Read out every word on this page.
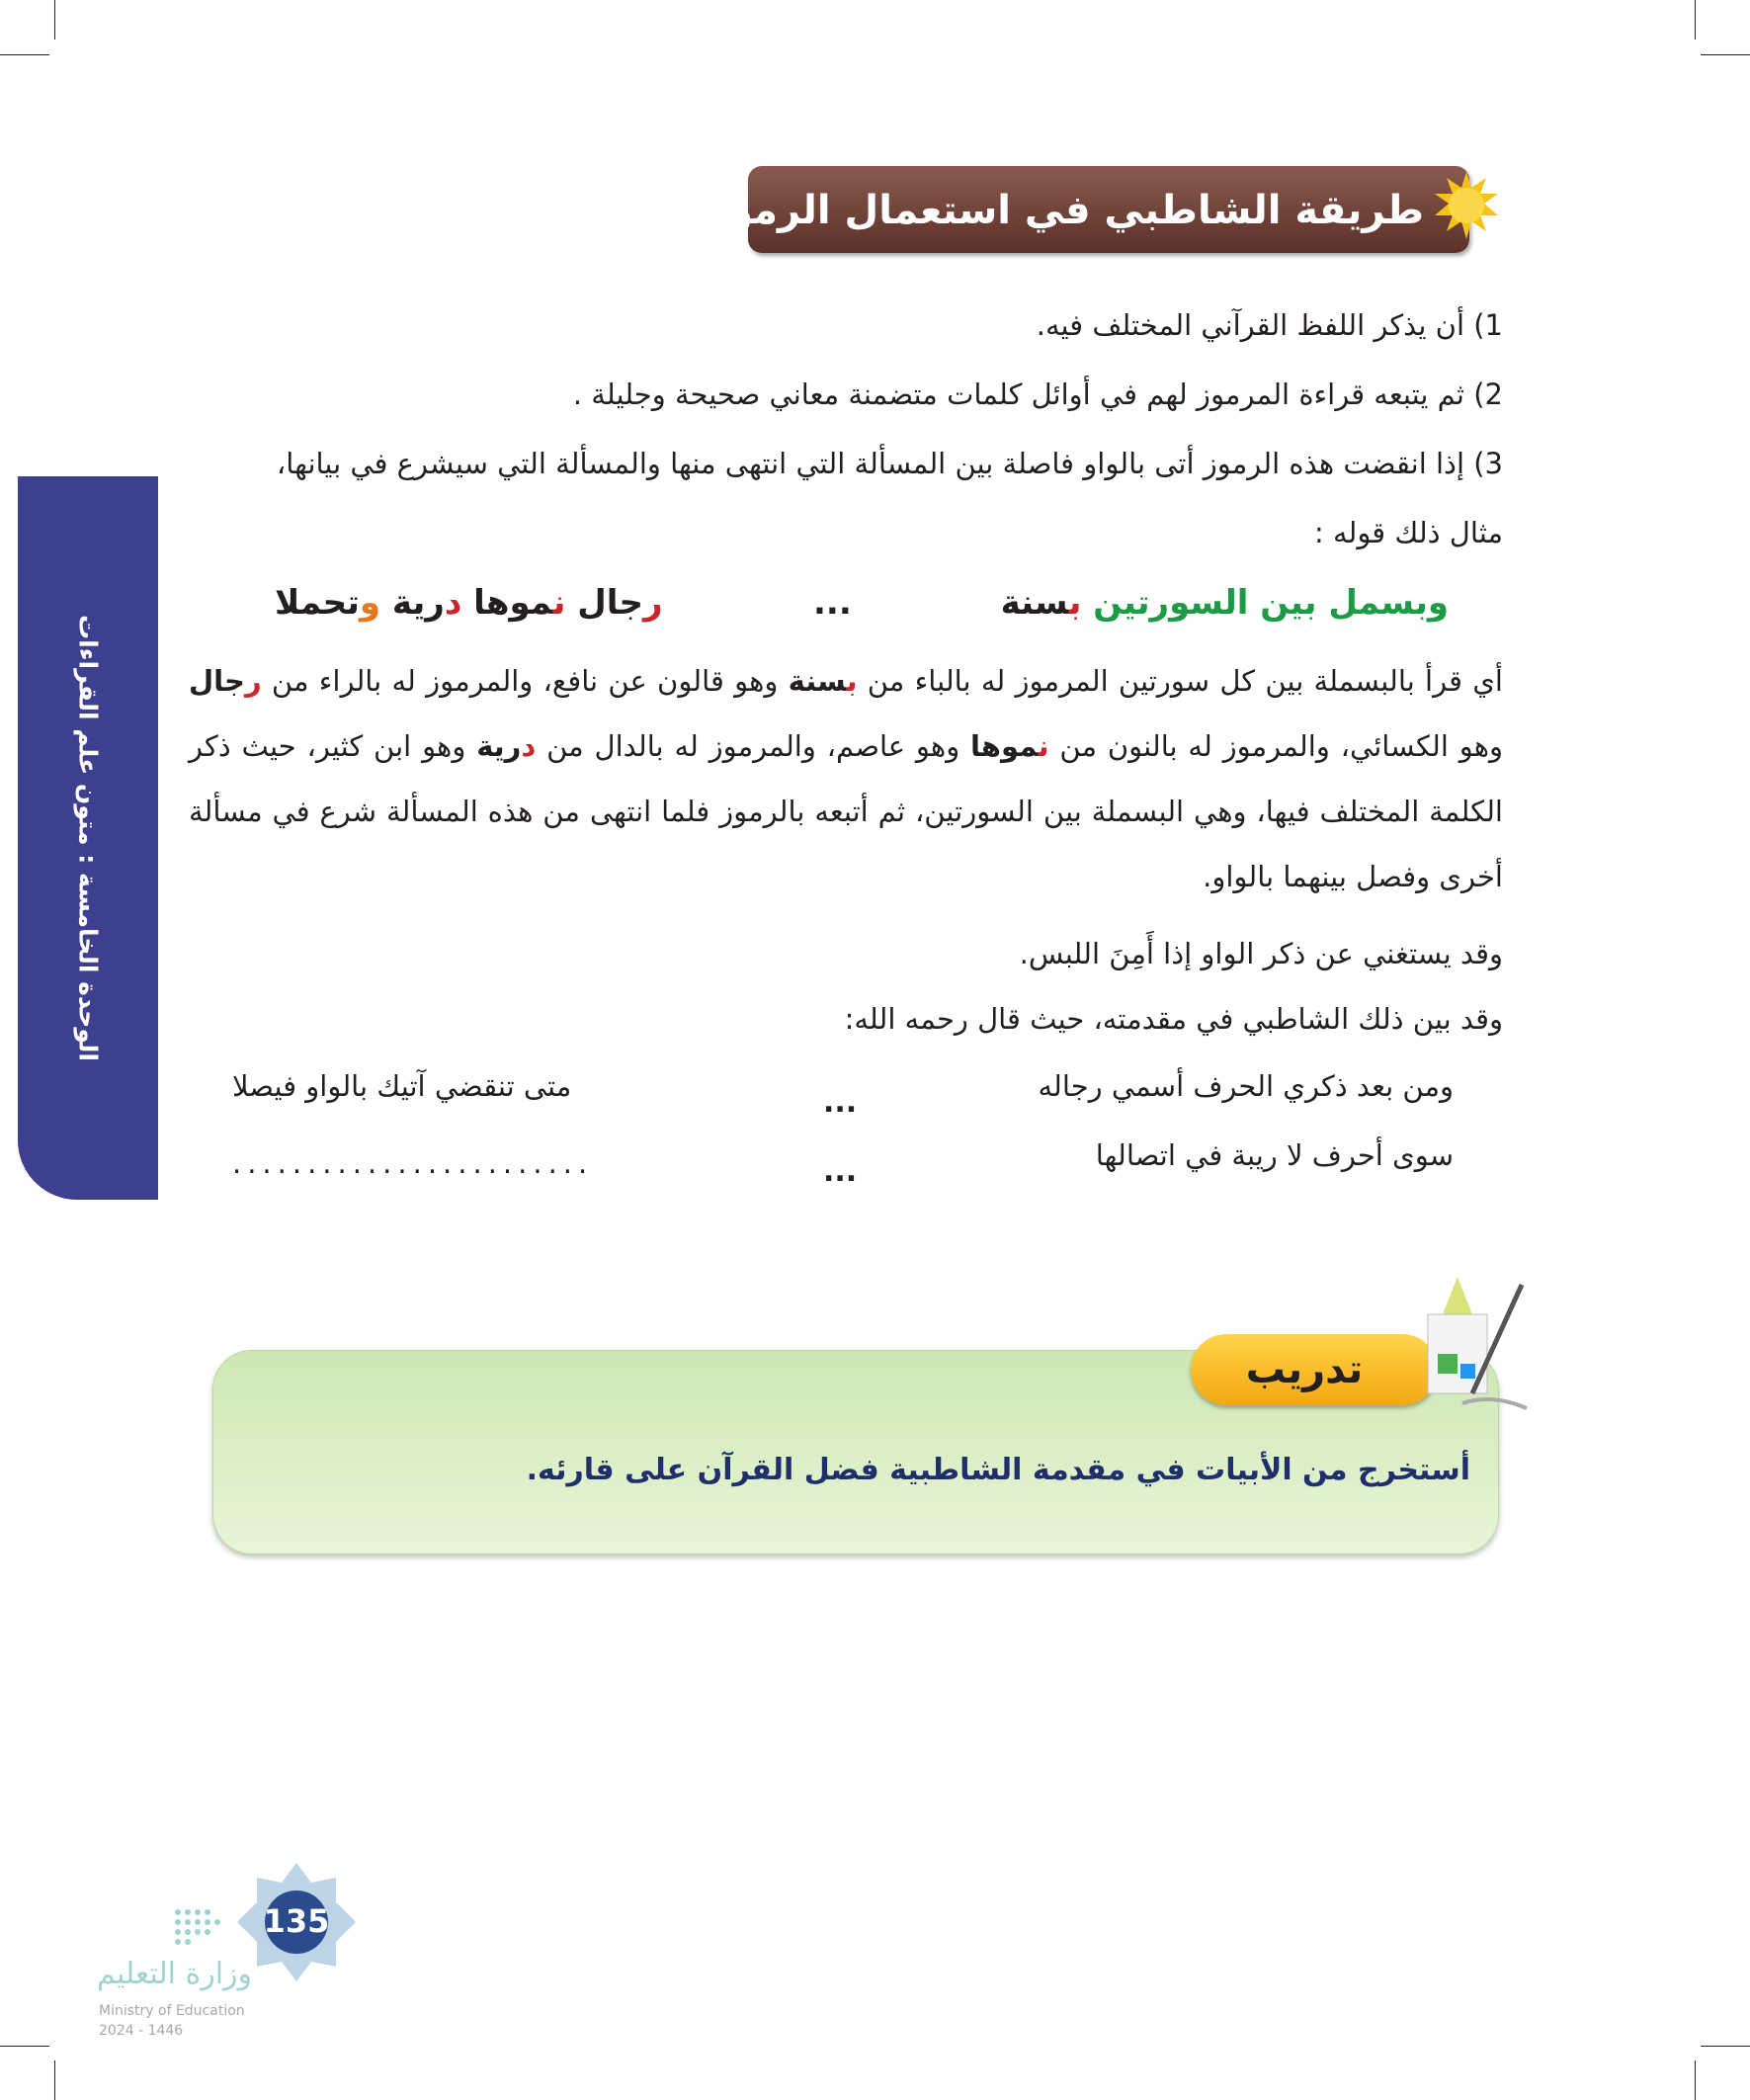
الوحدة الخامسة : متون علم القراءات
طريقة الشاطبي في استعمال الرموز
1) أن يذكر اللفظ القرآني المختلف فيه.
2) ثم يتبعه قراءة المرموز لهم في أوائل كلمات متضمنة معاني صحيحة وجليلة .
3) إذا انقضت هذه الرموز أتى بالواو فاصلة بين المسألة التي انتهى منها والمسألة التي سيشرع في بيانها،
مثال ذلك قوله :
وبسمل بين السورتين بسنة
...
رجال نموها درية وتحملا
أي قرأ بالبسملة بين كل سورتين المرموز له بالباء من بسنة وهو قالون عن نافع، والمرموز له بالراء من رجال وهو الكسائي، والمرموز له بالنون من نموها وهو عاصم، والمرموز له بالدال من درية وهو ابن كثير، حيث ذكر الكلمة المختلف فيها، وهي البسملة بين السورتين، ثم أتبعه بالرموز فلما انتهى من هذه المسألة شرع في مسألة أخرى وفصل بينهما بالواو.
وقد يستغني عن ذكر الواو إذا أَمِنَ اللبس.
وقد بين ذلك الشاطبي في مقدمته، حيث قال رحمه الله:
ومن بعد ذكري الحرف أسمي رجاله
...
متى تنقضي آتيك بالواو فيصلا
سوى أحرف لا ريبة في اتصالها
...
........................
تدريب
أستخرج من الأبيات في مقدمة الشاطبية فضل القرآن على قارئه.
135
وزارة التعليم
Ministry of Education
2024 - 1446
